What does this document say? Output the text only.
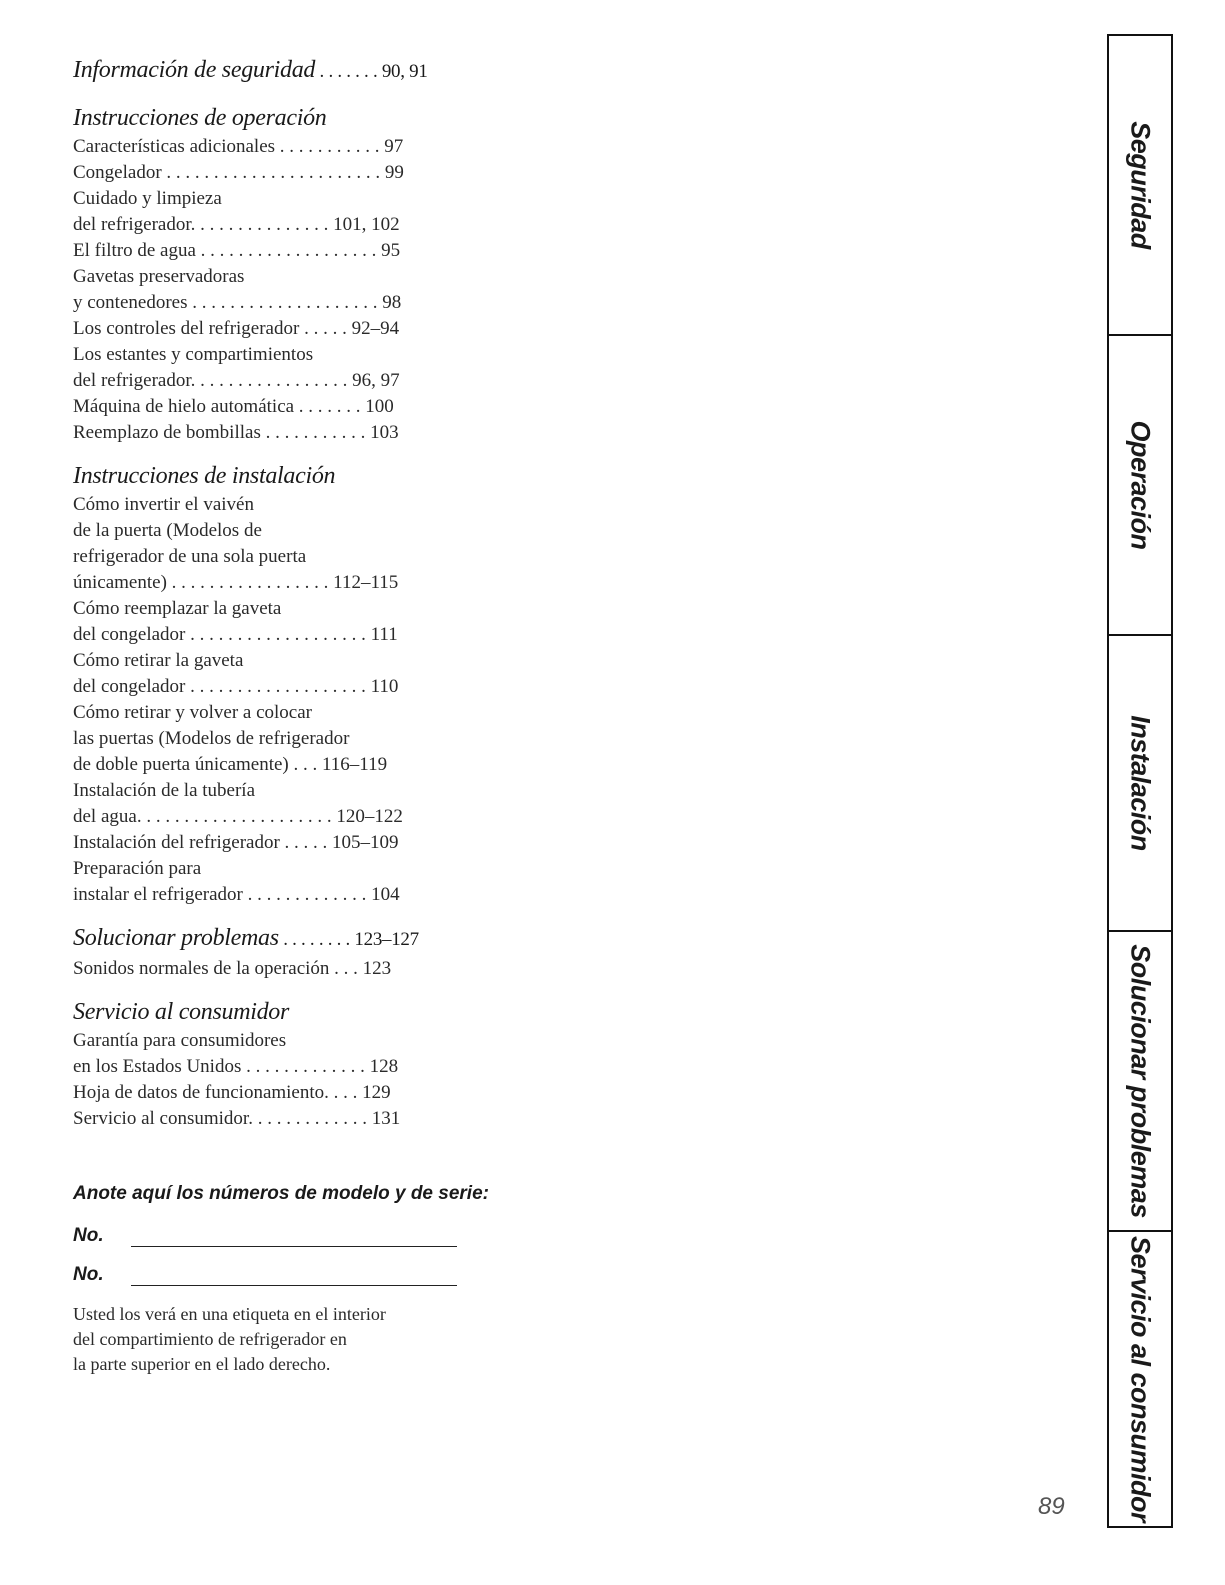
Información de seguridad . . . . . . . 90, 91
Instrucciones de operación
Características adicionales . . . . . . . . . . . 97
Congelador . . . . . . . . . . . . . . . . . . . . . . . 99
Cuidado y limpieza
del refrigerador. . . . . . . . . . . . . . . 101, 102
El filtro de agua . . . . . . . . . . . . . . . . . . . 95
Gavetas preservadoras
y contenedores . . . . . . . . . . . . . . . . . . . . 98
Los controles del refrigerador . . . . . 92–94
Los estantes y compartimientos
del refrigerador. . . . . . . . . . . . . . . . . 96, 97
Máquina de hielo automática . . . . . . . 100
Reemplazo de bombillas . . . . . . . . . . . 103
Instrucciones de instalación
Cómo invertir el vaivén
de la puerta (Modelos de
refrigerador de una sola puerta
únicamente) . . . . . . . . . . . . . . . . . 112–115
Cómo reemplazar la gaveta
del congelador . . . . . . . . . . . . . . . . . . . 111
Cómo retirar la gaveta
del congelador . . . . . . . . . . . . . . . . . . . 110
Cómo retirar y volver a colocar
las puertas (Modelos de refrigerador
de doble puerta únicamente) . . . 116–119
Instalación de la tubería
del agua. . . . . . . . . . . . . . . . . . . . . 120–122
Instalación del refrigerador . . . . . 105–109
Preparación para
instalar el refrigerador . . . . . . . . . . . . . 104
Solucionar problemas . . . . . . . . 123–127
Sonidos normales de la operación . . . 123
Servicio al consumidor
Garantía para consumidores
en los Estados Unidos . . . . . . . . . . . . . 128
Hoja de datos de funcionamiento. . . . 129
Servicio al consumidor. . . . . . . . . . . . . 131
Anote aquí los números de modelo y de serie:
No.
No.
Usted los verá en una etiqueta en el interior
del compartimiento de refrigerador en
la parte superior en el lado derecho.
89
Seguridad
Operación
Instalación
Solucionar problemas
Servicio al consumidor
